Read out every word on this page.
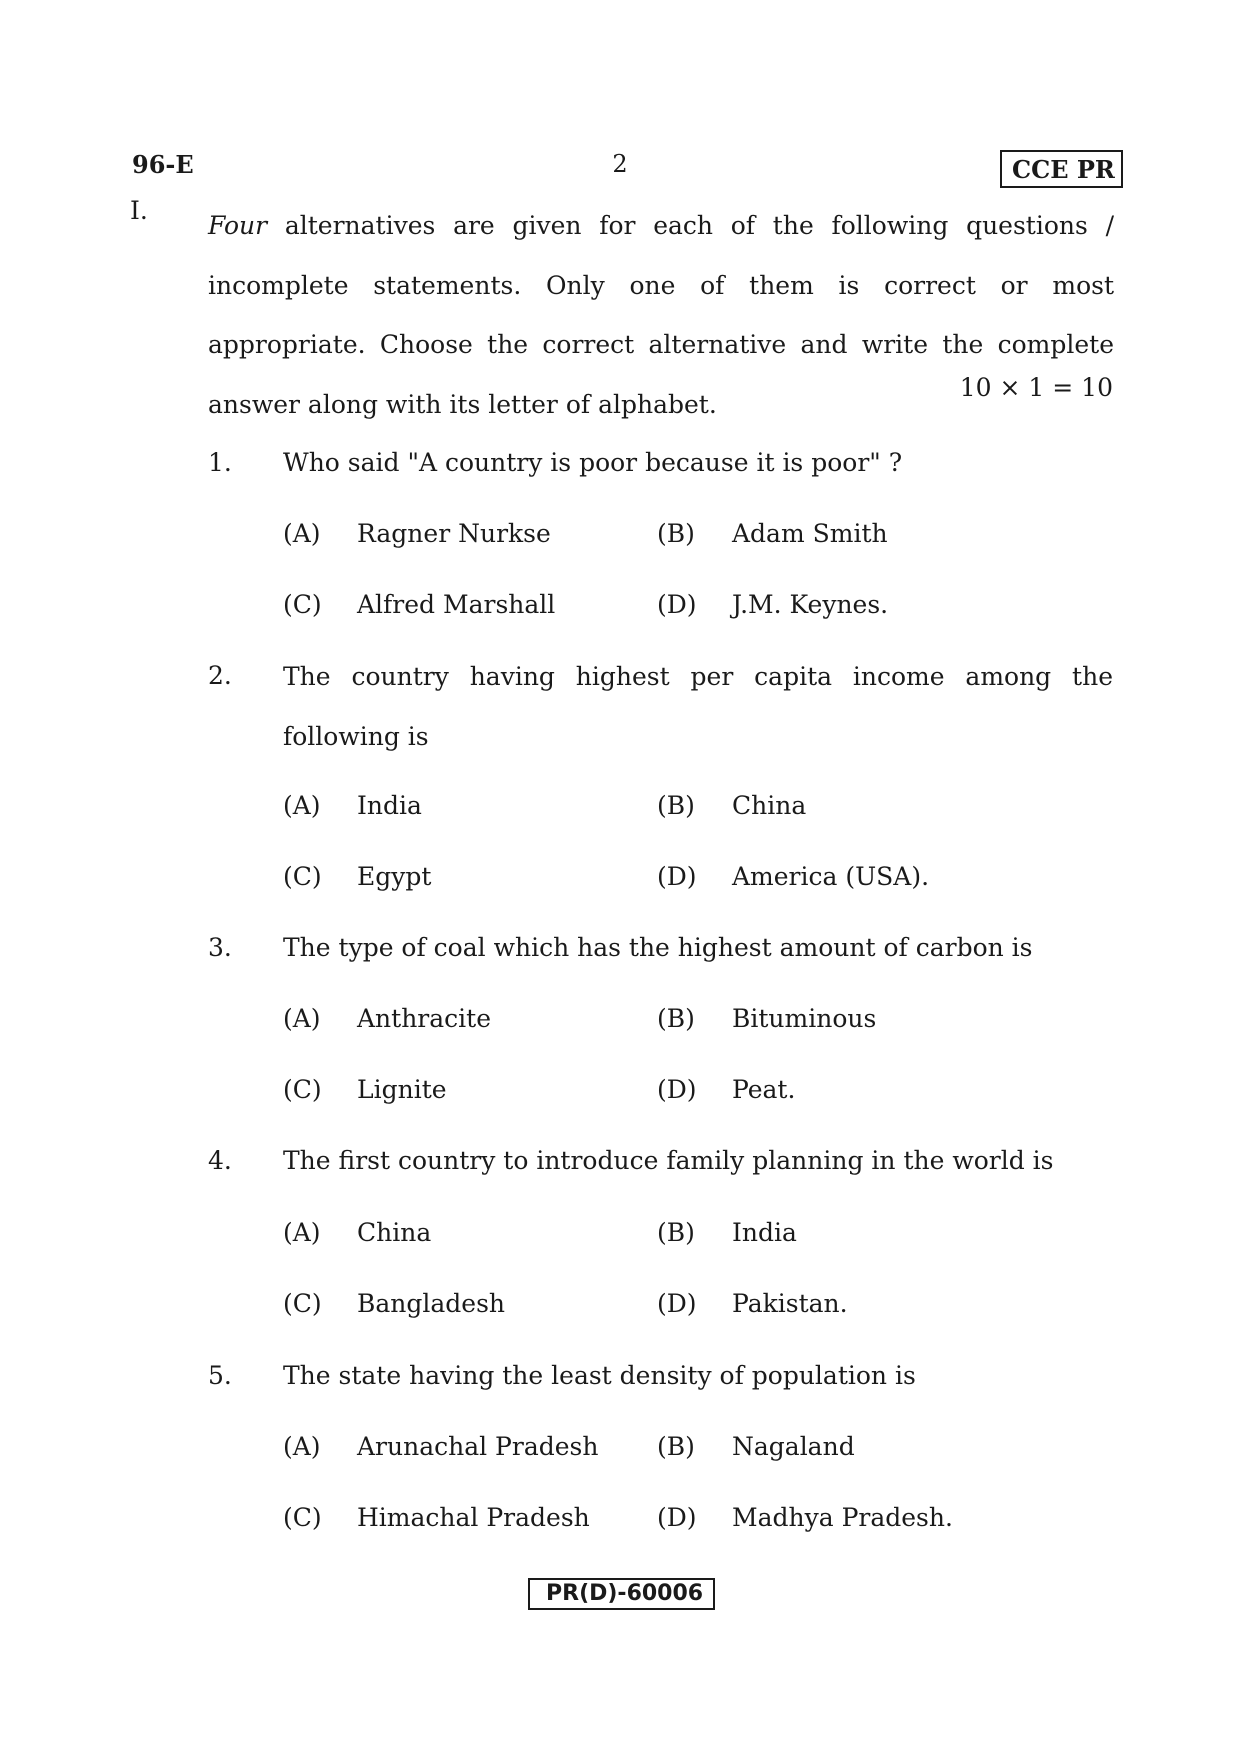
96-E	2	CCE PR
I.

Four alternatives are given for each of the following questions / incomplete statements. Only one of them is correct or most appropriate. Choose the correct alternative and write the complete answer along with its letter of alphabet.

10 × 1 = 10
1. Who said "A country is poor because it is poor" ?
(A) Ragner Nurkse	(B) Adam Smith
(C) Alfred Marshall	(D) J.M. Keynes.
2. The country having highest per capita income among the
following is
(A) India	(B) China
(C) Egypt	(D) America (USA).
3. The type of coal which has the highest amount of carbon is
(A) Anthracite	(B) Bituminous
(C) Lignite	(D) Peat.
4. The first country to introduce family planning in the world is
(A) China	(B) India
(C) Bangladesh	(D) Pakistan.
5. The state having the least density of population is
(A) Arunachal Pradesh (B) Nagaland
(C) Himachal Pradesh	(D) Madhya Pradesh.
PR(D)-60006
